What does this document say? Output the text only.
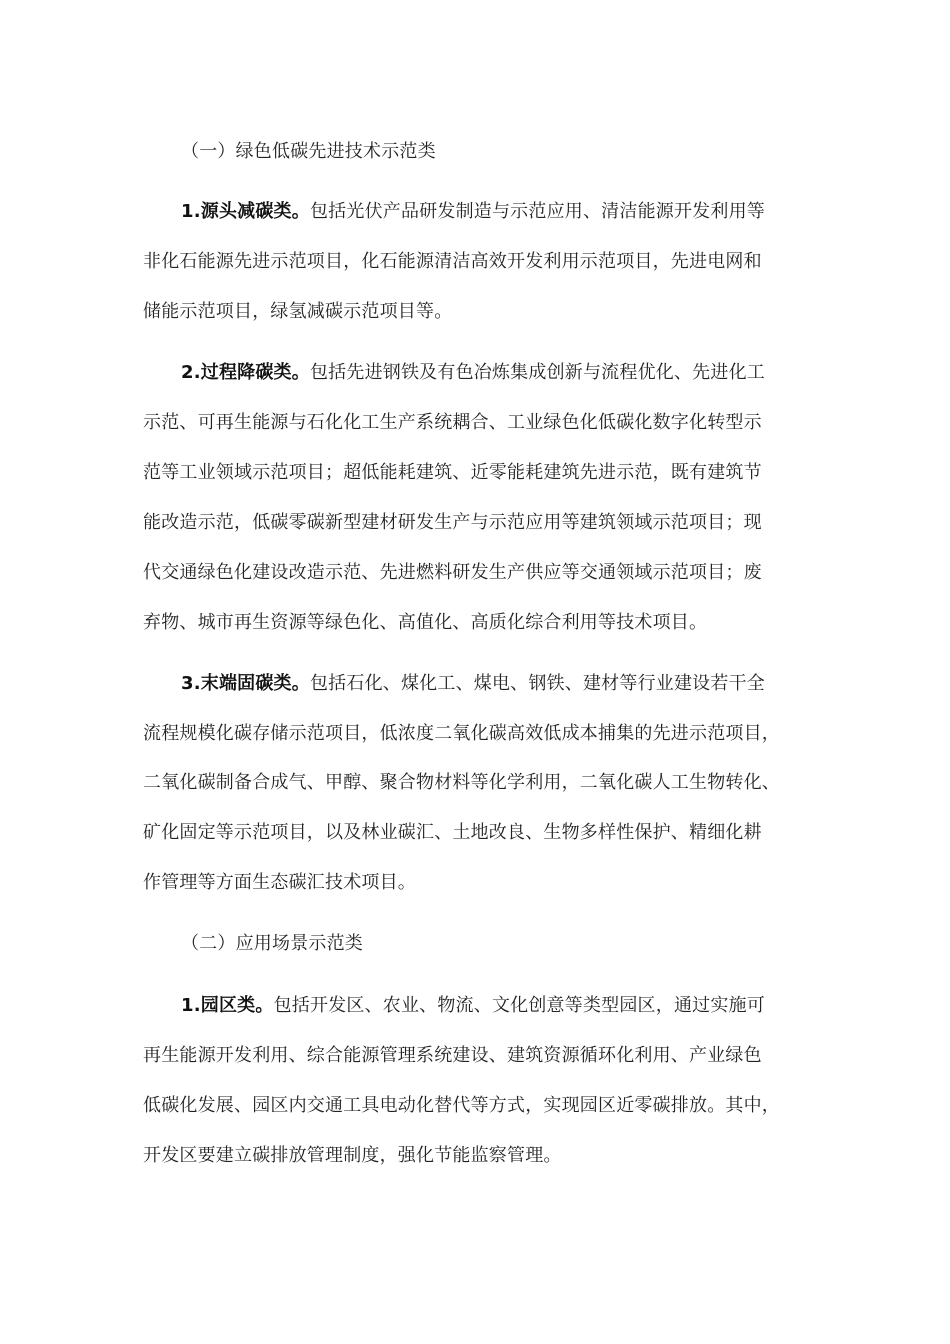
（一）绿色低碳先进技术示范类
1.源头减碳类。包括光伏产品研发制造与示范应用、清洁能源开发利用等
非化石能源先进示范项目，化石能源清洁高效开发利用示范项目，先进电网和
储能示范项目，绿氢减碳示范项目等。
2.过程降碳类。包括先进钢铁及有色冶炼集成创新与流程优化、先进化工
示范、可再生能源与石化化工生产系统耦合、工业绿色化低碳化数字化转型示
范等工业领域示范项目；超低能耗建筑、近零能耗建筑先进示范，既有建筑节
能改造示范，低碳零碳新型建材研发生产与示范应用等建筑领域示范项目；现
代交通绿色化建设改造示范、先进燃料研发生产供应等交通领域示范项目；废
弃物、城市再生资源等绿色化、高值化、高质化综合利用等技术项目。
3.末端固碳类。包括石化、煤化工、煤电、钢铁、建材等行业建设若干全
流程规模化碳存储示范项目，低浓度二氧化碳高效低成本捕集的先进示范项目，
二氧化碳制备合成气、甲醇、聚合物材料等化学利用，二氧化碳人工生物转化、
矿化固定等示范项目，以及林业碳汇、土地改良、生物多样性保护、精细化耕
作管理等方面生态碳汇技术项目。
（二）应用场景示范类
1.园区类。包括开发区、农业、物流、文化创意等类型园区，通过实施可
再生能源开发利用、综合能源管理系统建设、建筑资源循环化利用、产业绿色
低碳化发展、园区内交通工具电动化替代等方式，实现园区近零碳排放。其中，
开发区要建立碳排放管理制度，强化节能监察管理。
